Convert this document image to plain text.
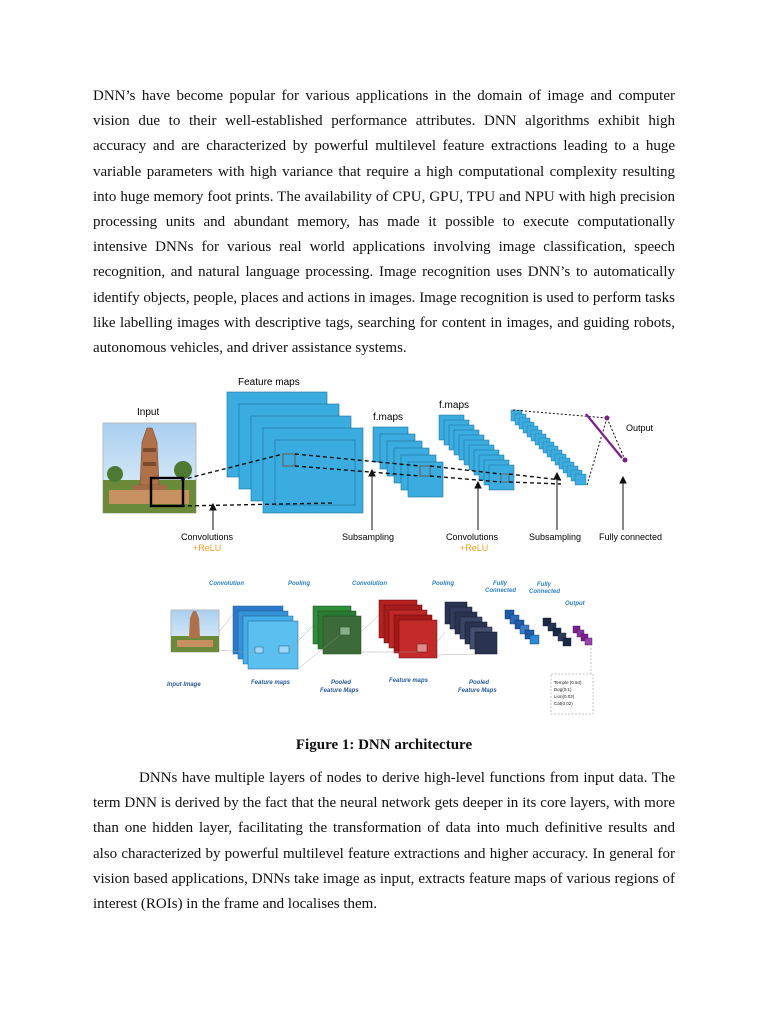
DNN’s have become popular for various applications in the domain of image and computer vision due to their well-established performance attributes. DNN algorithms exhibit high accuracy and are characterized by powerful multilevel feature extractions leading to a huge variable parameters with high variance that require a high computational complexity resulting into huge memory foot prints. The availability of CPU, GPU, TPU and NPU with high precision processing units and abundant memory, has made it possible to execute computationally intensive DNNs for various real world applications involving image classification, speech recognition, and natural language processing. Image recognition uses DNN’s to automatically identify objects, people, places and actions in images. Image recognition is used to perform tasks like labelling images with descriptive tags, searching for content in images, and guiding robots, autonomous vehicles, and driver assistance systems.

Input
Feature maps
f.maps
f.maps
Output
Convolutions
+ReLU
Subsampling	Convolutions
+ReLU
Subsampling Fully connected
Convolution	Pooling	Convolution	Pooling	Fully
Connected
Fully
Connected
Output
Input Image	Feature maps	Pooled
Feature Maps
Feature maps	Pooled
Feature Maps
Temple (0.94)
Dog(0.1)
Lion(0.02)
Cat(0.02)
Figure 1: DNN architecture

DNNs have multiple layers of nodes to derive high-level functions from input data. The term DNN is derived by the fact that the neural network gets deeper in its core layers, with more than one hidden layer, facilitating the transformation of data into much definitive results and also characterized by powerful multilevel feature extractions and higher accuracy. In general for vision based applications, DNNs take image as input, extracts feature maps of various regions of interest (ROIs) in the frame and localises them.
